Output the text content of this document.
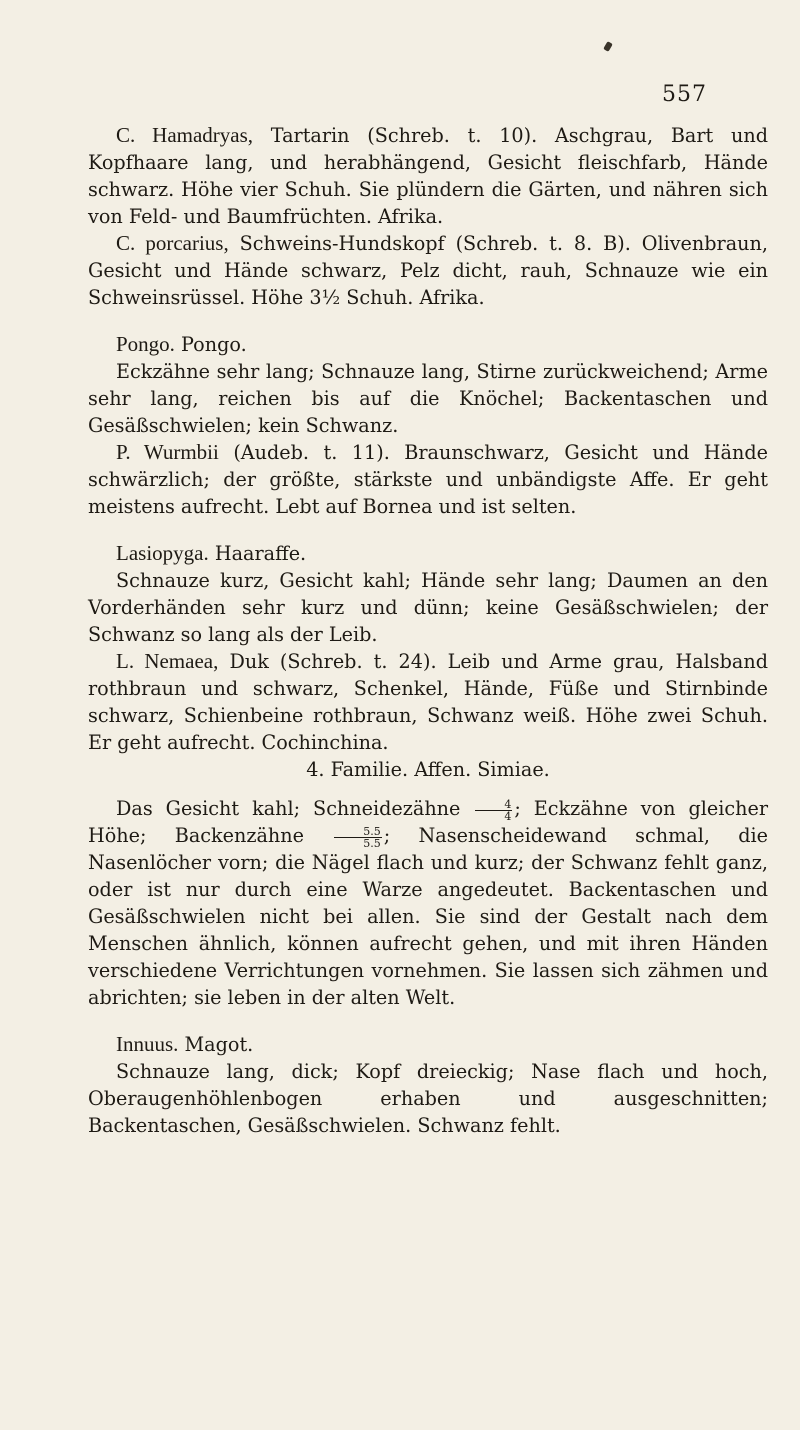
557

C. Hamadryas, Tartarin (Schreb. t. 10). Aschgrau, Bart und Kopfhaare lang, und herabhängend, Gesicht fleischfarb, Hände schwarz. Höhe vier Schuh. Sie plündern die Gärten, und nähren sich von Feld- und Baumfrüchten. Afrika.

C. porcarius, Schweins-Hundskopf (Schreb. t. 8. B). Olivenbraun, Gesicht und Hände schwarz, Pelz dicht, rauh, Schnauze wie ein Schweinsrüssel. Höhe 3½ Schuh. Afrika.

Pongo. Pongo.

Eckzähne sehr lang; Schnauze lang, Stirne zurückweichend; Arme sehr lang, reichen bis auf die Knöchel; Backentaschen und Gesäßschwielen; kein Schwanz.

P. Wurmbii (Audeb. t. 11). Braunschwarz, Gesicht und Hände schwärzlich; der größte, stärkste und unbändigste Affe. Er geht meistens aufrecht. Lebt auf Bornea und ist selten.

Lasiopyga. Haaraffe.

Schnauze kurz, Gesicht kahl; Hände sehr lang; Daumen an den Vorderhänden sehr kurz und dünn; keine Gesäßschwielen; der Schwanz so lang als der Leib.

L. Nemaea, Duk (Schreb. t. 24). Leib und Arme grau, Halsband rothbraun und schwarz, Schenkel, Hände, Füße und Stirnbinde schwarz, Schienbeine rothbraun, Schwanz weiß. Höhe zwei Schuh. Er geht aufrecht. Cochinchina.

4. Familie. Affen. Simiae.

Das Gesicht kahl; Schneidezähne $\frac{4}{4}$ ; Eckzähne von gleicher Höhe; Backenzähne	$\frac{5.5}{5.5}$ ; Nasenscheidewand schmal, die Nasenlöcher vorn; die Nägel flach und kurz; der Schwanz fehlt ganz, oder ist nur durch eine Warze angedeutet. Backentaschen und Gesäßschwielen nicht bei allen. Sie sind der Gestalt nach dem Menschen ähnlich, können aufrecht gehen, und mit ihren Händen verschiedene Verrichtungen vornehmen. Sie lassen sich zähmen und abrichten; sie leben in der alten Welt.

Innuus. Magot.

Schnauze lang, dick; Kopf dreieckig; Nase flach und hoch, Oberaugenhöhlenbogen erhaben und ausgeschnitten; Backentaschen, Gesäßschwielen. Schwanz fehlt.
